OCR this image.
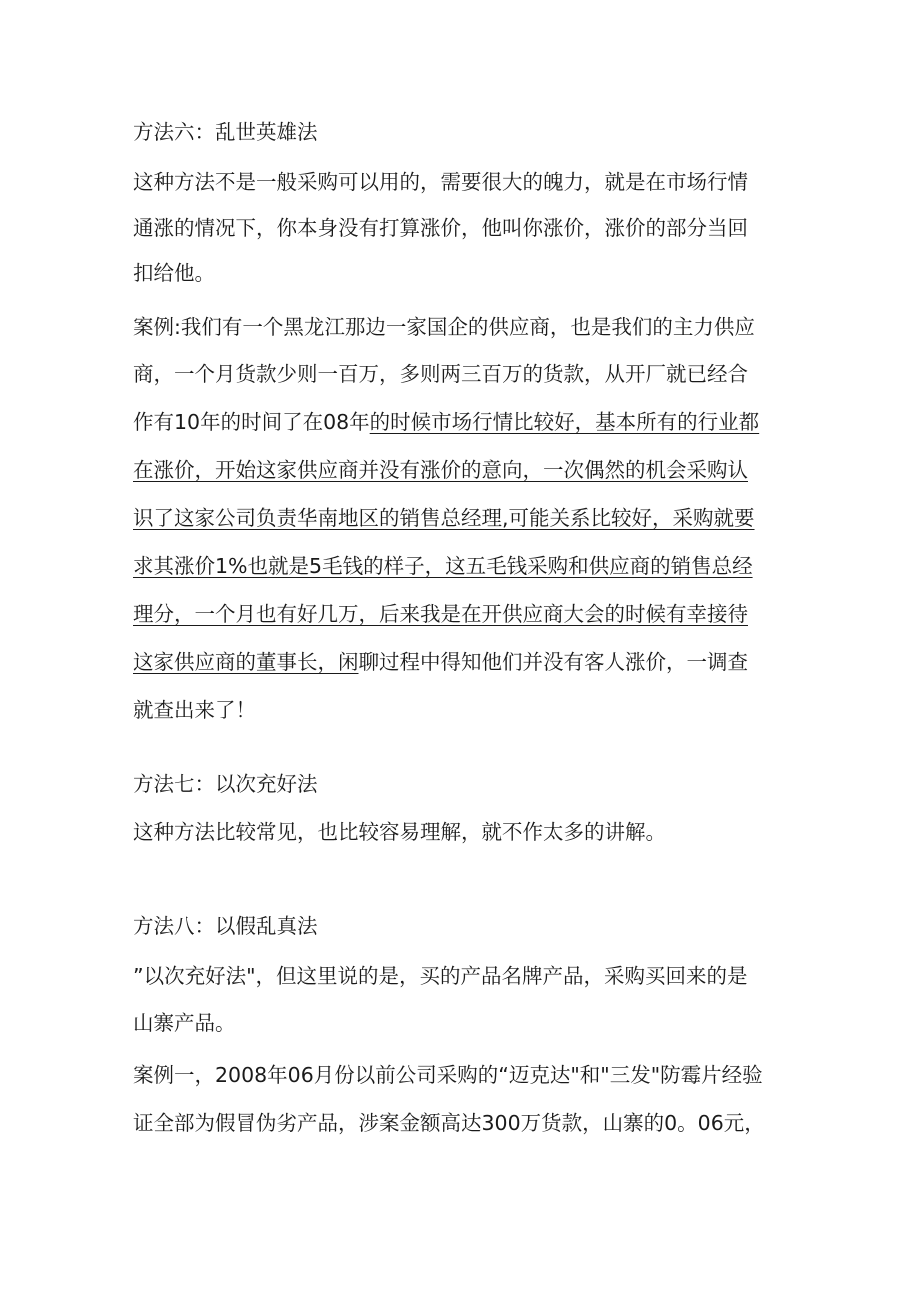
方法六：乱世英雄法
这种方法不是一般采购可以用的，需要很大的魄力，就是在市场行情
通涨的情况下，你本身没有打算涨价，他叫你涨价，涨价的部分当回
扣给他。
案例:我们有一个黑龙江那边一家国企的供应商，也是我们的主力供应
商，一个月货款少则一百万，多则两三百万的货款，从开厂就已经合
作有10年的时间了在08年的时候市场行情比较好，基本所有的行业都
在涨价，开始这家供应商并没有涨价的意向，一次偶然的机会采购认
识了这家公司负责华南地区的销售总经理,可能关系比较好，采购就要
求其涨价1%也就是5毛钱的样子，这五毛钱采购和供应商的销售总经
理分，一个月也有好几万，后来我是在开供应商大会的时候有幸接待
这家供应商的董事长，闲聊过程中得知他们并没有客人涨价，一调查
就查出来了！
方法七：以次充好法
这种方法比较常见，也比较容易理解，就不作太多的讲解。
方法八：以假乱真法
”以次充好法"，但这里说的是，买的产品名牌产品，采购买回来的是
山寨产品。
案例一，2008年06月份以前公司采购的“迈克达"和"三发"防霉片经验
证全部为假冒伪劣产品，涉案金额高达300万货款，山寨的0。06元，
